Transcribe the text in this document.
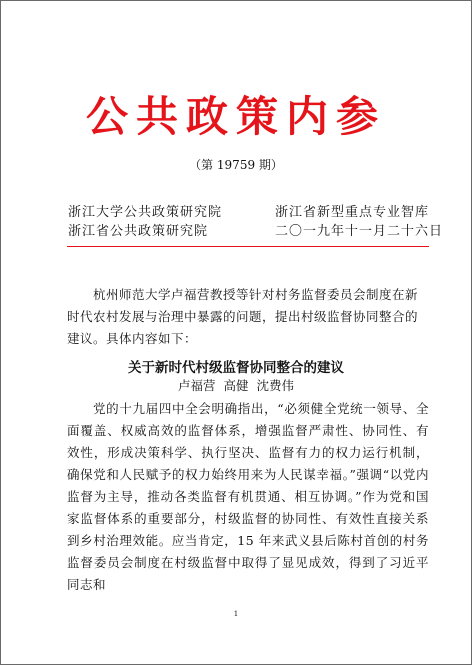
公共政策内参
（第 19759 期）
浙江大学公共政策研究院
浙江省公共政策研究院
浙江省新型重点专业智库
二〇一九年十一月二十六日
杭州师范大学卢福营教授等针对村务监督委员会制度在新时代农村发展与治理中暴露的问题，提出村级监督协同整合的建议。具体内容如下：
关于新时代村级监督协同整合的建议
卢福营 高健 沈费伟
党的十九届四中全会明确指出，“必须健全党统一领导、全面覆盖、权威高效的监督体系，增强监督严肃性、协同性、有效性，形成决策科学、执行坚决、监督有力的权力运行机制，确保党和人民赋予的权力始终用来为人民谋幸福。”强调“以党内监督为主导，推动各类监督有机贯通、相互协调。”作为党和国家监督体系的重要部分，村级监督的协同性、有效性直接关系到乡村治理效能。应当肯定，15 年来武义县后陈村首创的村务监督委员会制度在村级监督中取得了显见成效，得到了习近平同志和
1
